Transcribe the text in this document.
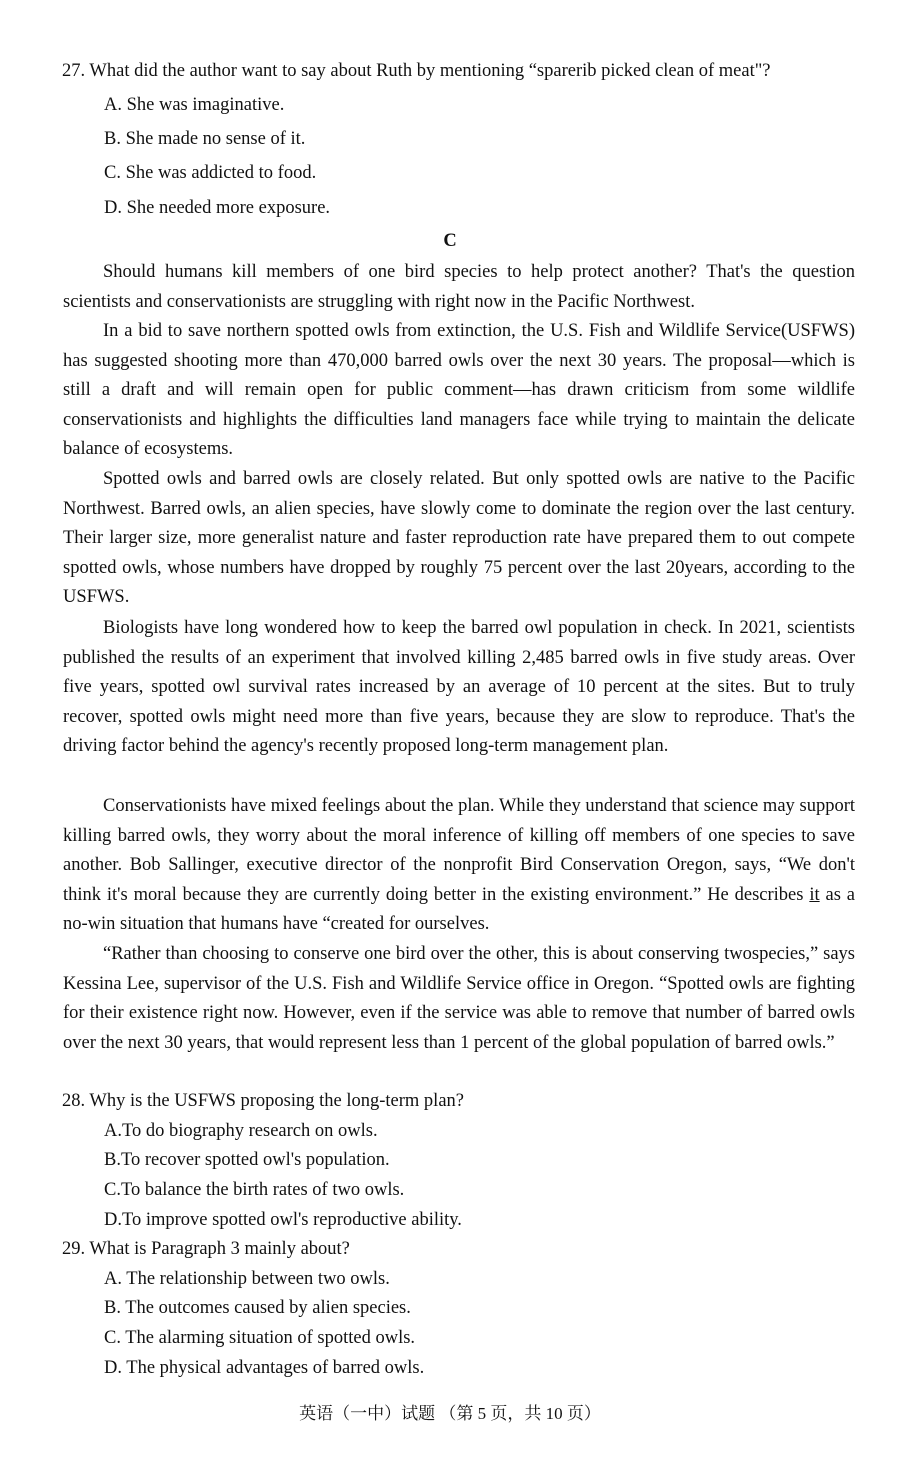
27. What did the author want to say about Ruth by mentioning “sparerib picked clean of meat"?
A. She was imaginative.
B. She made no sense of it.
C. She was addicted to food.
D. She needed more exposure.
C
Should humans kill members of one bird species to help protect another? That's the question scientists and conservationists are struggling with right now in the Pacific Northwest.
In a bid to save northern spotted owls from extinction, the U.S. Fish and Wildlife Service(USFWS) has suggested shooting more than 470,000 barred owls over the next 30 years. The proposal—which is still a draft and will remain open for public comment—has drawn criticism from some wildlife conservationists and highlights the difficulties land managers face while trying to maintain the delicate balance of ecosystems.
Spotted owls and barred owls are closely related. But only spotted owls are native to the Pacific Northwest. Barred owls, an alien species, have slowly come to dominate the region over the last century. Their larger size, more generalist nature and faster reproduction rate have prepared them to out compete spotted owls, whose numbers have dropped by roughly 75 percent over the last 20years, according to the USFWS.
Biologists have long wondered how to keep the barred owl population in check. In 2021, scientists published the results of an experiment that involved killing 2,485 barred owls in five study areas. Over five years, spotted owl survival rates increased by an average of 10 percent at the sites. But to truly recover, spotted owls might need more than five years, because they are slow to reproduce. That's the driving factor behind the agency's recently proposed long-term management plan.
Conservationists have mixed feelings about the plan. While they understand that science may support killing barred owls, they worry about the moral inference of killing off members of one species to save another. Bob Sallinger, executive director of the nonprofit Bird Conservation Oregon, says, “We don't think it's moral because they are currently doing better in the existing environment.” He describes it as a no-win situation that humans have “created for ourselves.
“Rather than choosing to conserve one bird over the other, this is about conserving twospecies,” says Kessina Lee, supervisor of the U.S. Fish and Wildlife Service office in Oregon. “Spotted owls are fighting for their existence right now. However, even if the service was able to remove that number of barred owls over the next 30 years, that would represent less than 1 percent of the global population of barred owls.”
28. Why is the USFWS proposing the long-term plan?
A.To do biography research on owls.
B.To recover spotted owl's population.
C.To balance the birth rates of two owls.
D.To improve spotted owl's reproductive ability.
29. What is Paragraph 3 mainly about?
A. The relationship between two owls.
B. The outcomes caused by alien species.
C. The alarming situation of spotted owls.
D. The physical advantages of barred owls.
英语（一中）试题 （第 5 页，共 10 页）
